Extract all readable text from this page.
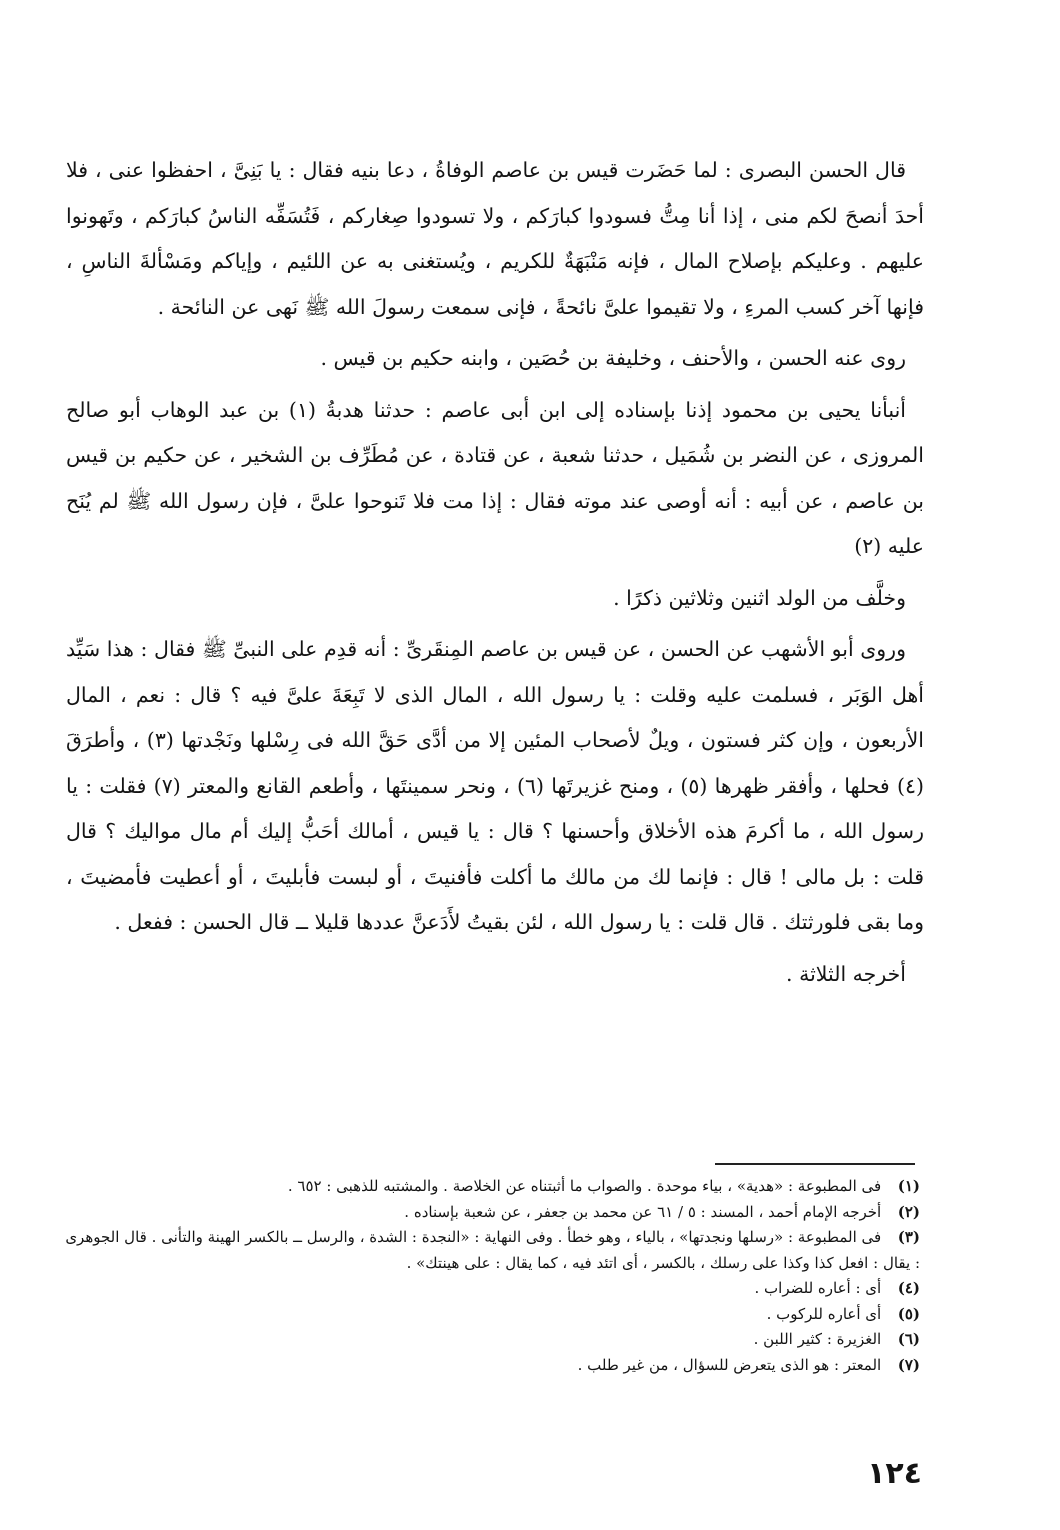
قال الحسن البصرى : لما حَضَرت قيس بن عاصم الوفاةُ ، دعا بنيه فقال : يا بَنِىَّ ، احفظوا عنى ، فلا أحدَ أنصحَ لكم منى ، إذا أنا مِتُّ فسودوا كبارَكم ، ولا تسودوا صِغاركم ، فَتُسَفِّه الناسُ كبارَكم ، وتَهونوا عليهم . وعليكم بإصلاح المال ، فإنه مَنْبَهَةٌ للكريم ، ويُستغنى به عن اللئيم ، وإياكم ومَسْألةَ الناسِ ، فإنها آخر كسب المرءِ ، ولا تقيموا علىَّ نائحةً ، فإنى سمعت رسولَ الله ﷺ نَهى عن النائحة .

روى عنه الحسن ، والأحنف ، وخليفة بن حُصَين ، وابنه حكيم بن قيس .

أنبأنا يحيى بن محمود إذنا بإسناده إلى ابن أبى عاصم : حدثنا هدبةُ (١) بن عبد الوهاب أبو صالح المروزى ، عن النضر بن شُمَيل ، حدثنا شعبة ، عن قتادة ، عن مُطَرِّف بن الشخير ، عن حكيم بن قيس بن عاصم ، عن أبيه : أنه أوصى عند موته فقال : إذا مت فلا تَنوحوا علىَّ ، فإن رسول الله ﷺ لم يُنَح عليه (٢)

وخلَّف من الولد اثنين وثلاثين ذكرًا .

وروى أبو الأشهب عن الحسن ، عن قيس بن عاصم المِنقَرىِّ : أنه قدِم على النبىِّ ﷺ فقال : هذا سَيِّد أهل الوَبَر ، فسلمت عليه وقلت : يا رسول الله ، المال الذى لا تَبِعَةَ علىَّ فيه ؟ قال : نعم ، المال الأربعون ، وإن كثر فستون ، ويلٌ لأصحاب المئين إلا من أدَّى حَقَّ الله فى رِسْلها ونَجْدتها (٣) ، وأطرَقَ (٤) فحلها ، وأفقر ظهرها (٥) ، ومنح غزيرتَها (٦) ، ونحر سمينتَها ، وأطعم القانع والمعتر (٧) فقلت : يا رسول الله ، ما أكرمَ هذه الأخلاق وأحسنها ؟ قال : يا قيس ، أمالك أحَبُّ إليك أم مال مواليك ؟ قال قلت : بل مالى ! قال : فإنما لك من مالك ما أكلت فأفنيتَ ، أو لبست فأبليتَ ، أو أعطيت فأمضيتَ ، وما بقى فلورثتك . قال قلت : يا رسول الله ، لئن بقيتُ لأَدَعنَّ عددها قليلا ــ قال الحسن : ففعل .

أخرجه الثلاثة .

(١) فى المطبوعة : «هدية» ، بياء موحدة . والصواب ما أثبتناه عن الخلاصة . والمشتبه للذهبى : ٦٥٢ .

(٢) أخرجه الإمام أحمد ، المسند : ٥ / ٦١ عن محمد بن جعفر ، عن شعبة بإسناده .

(٣) فى المطبوعة : «رسلها ونجدتها» ، بالياء ، وهو خطأ . وفى النهاية : «النجدة : الشدة ، والرسل ــ بالكسر الهينة والتأنى . قال الجوهرى : يقال : افعل كذا وكذا على رسلك ، بالكسر ، أى اتئد فيه ، كما يقال : على هينتك» .

(٤) أى : أعاره للضراب .

(٥) أى أعاره للركوب .

(٦) الغزيرة : كثير اللبن .

(٧) المعتر : هو الذى يتعرض للسؤال ، من غير طلب .

١٢٤
